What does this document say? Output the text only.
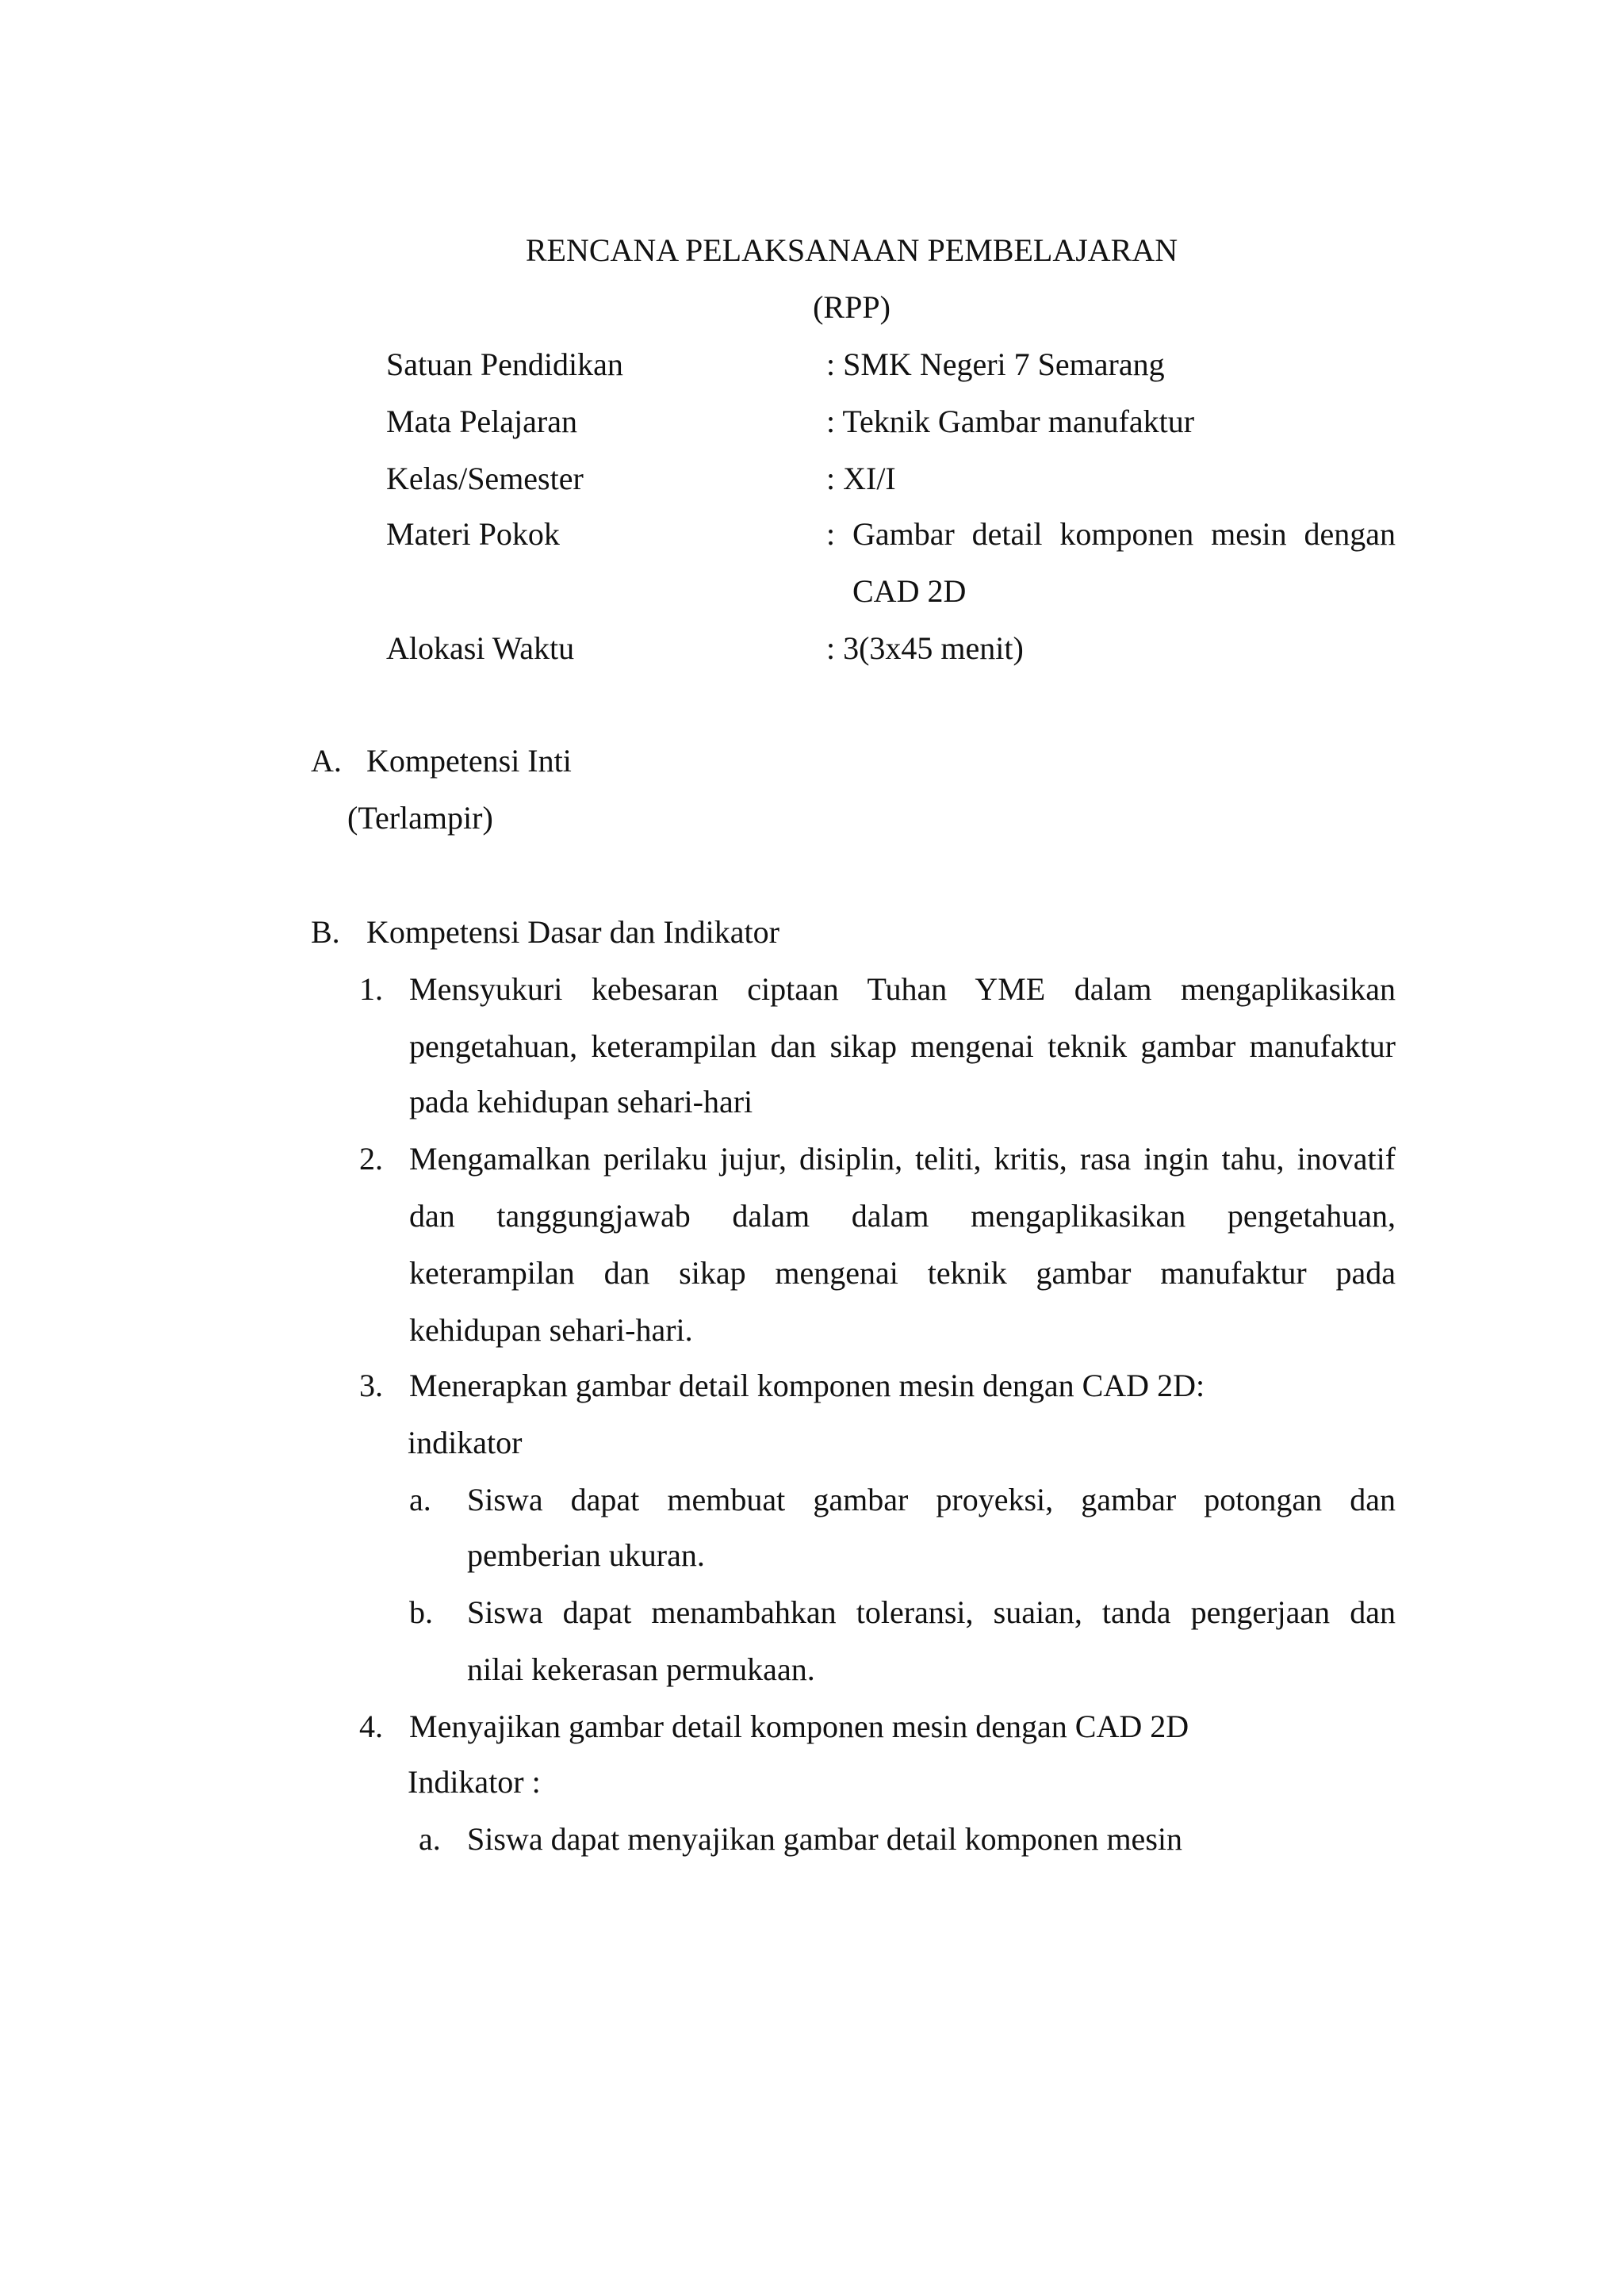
RENCANA PELAKSANAAN PEMBELAJARAN
(RPP)
Satuan Pendidikan	: SMK Negeri 7 Semarang
Mata Pelajaran	: Teknik Gambar manufaktur
Kelas/Semester	: XI/I
Materi Pokok	: Gambar detail komponen mesin dengan
CAD 2D
Alokasi Waktu	: 3(3x45 menit)
A. Kompetensi Inti
(Terlampir)
B. Kompetensi Dasar dan Indikator
1. Mensyukuri kebesaran ciptaan Tuhan YME dalam mengaplikasikan
pengetahuan, keterampilan dan sikap mengenai teknik gambar manufaktur
pada kehidupan sehari-hari
2. Mengamalkan perilaku jujur, disiplin, teliti, kritis, rasa ingin tahu, inovatif
dan tanggungjawab dalam dalam mengaplikasikan pengetahuan,
keterampilan dan sikap mengenai teknik gambar manufaktur pada
kehidupan sehari-hari.
3. Menerapkan gambar detail komponen mesin dengan CAD 2D:
indikator
a. Siswa dapat membuat gambar proyeksi, gambar potongan dan
pemberian ukuran.
b. Siswa dapat menambahkan toleransi, suaian, tanda pengerjaan dan
nilai kekerasan permukaan.
4. Menyajikan gambar detail komponen mesin dengan CAD 2D
Indikator :
a. Siswa dapat menyajikan gambar detail komponen mesin
